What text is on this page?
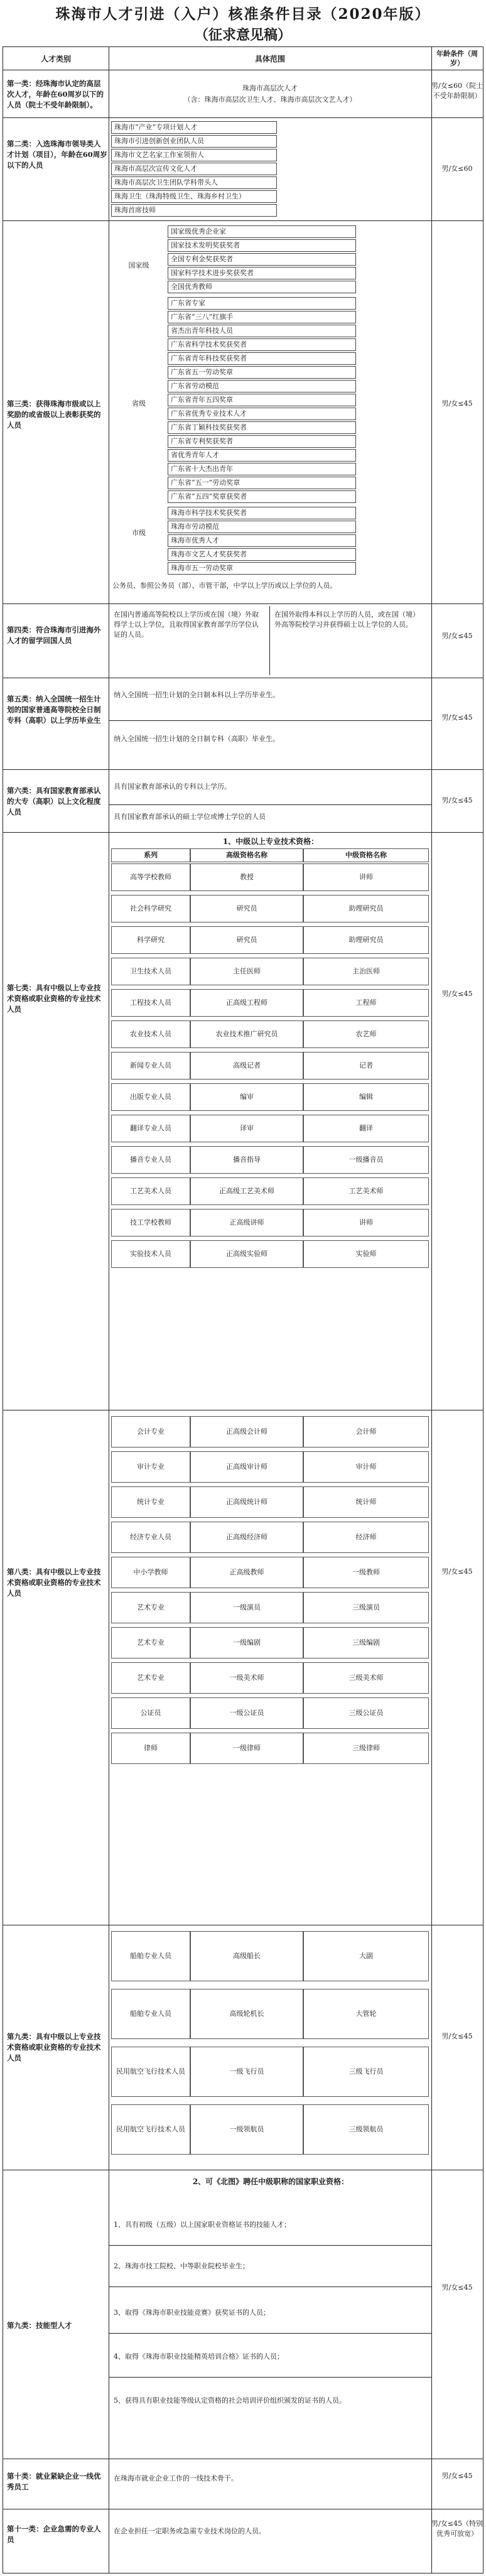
珠海市人才引进（入户）核准条件目录（2020年版）
（征求意见稿）
人才类别	具体范围
年龄条件（周岁）
第一类：经珠海市认定的高层次人才，年龄在60周岁以下的人员（院士不受年龄限制）。
珠海市高层次人才
（含：珠海市高层次卫生人才、珠海市高层次文艺人才）
男/女≤60（院士不受年龄限制）
第二类：入选珠海市领导类人才计划（项目），年龄在60周岁以下的人员
珠海市“产业”专项计划人才
珠海市引进创新创业团队人员
珠海市文艺名家工作室领衔人
珠海市高层次宣传文化人才
珠海市高层次卫生团队学科带头人
珠海卫生（珠海特级卫生、珠海乡村卫生）
珠海首席技师
男/女≤60
第三类：获得珠海市级或以上奖励的或省级以上表彰获奖的人员
国家级
国家级优秀企业家
国家技术发明奖获奖者
全国专利金奖获奖者
国家科学技术进步奖获奖者
全国优秀教师
省级
广东省专家
广东省“三八”红旗手
省杰出青年科技人员
广东省科学技术奖获奖者
广东省青年科技奖获奖者
广东省五一劳动奖章
广东省劳动模范
广东省青年五四奖章
广东省优秀专业技术人才
广东省丁颖科技奖获奖者
广东省专利奖获奖者
省优秀青年人才
广东省十大杰出青年
广东省“五一”劳动奖章
广东省“五四”奖章获奖者
市级
珠海市科学技术奖获奖者
珠海市劳动模范
珠海市优秀人才
珠海市文艺人才奖获奖者
珠海市五一劳动奖章
公务员、参照公务员（部）、市管干部，中学以上学历或以上学位的人员。
男/女≤45
第四类：符合珠海市引进海外人才的留学回国人员
在国内普通高等院校以上学历或在国（境）外取得学士以上学位，且取得国家教育部学历学位认证的人员。
在国外取得本科以上学历的人员，或在国（境）外高等院校学习并获得硕士以上学位的人员。
男/女≤45
第五类：纳入全国统一招生计划的国家普通高等院校全日制专科（高职）以上学历毕业生
纳入全国统一招生计划的全日制本科以上学历毕业生。
纳入全国统一招生计划的全日制专科（高职）毕业生。
男/女≤45
第六类：具有国家教育部承认的大专（高职）以上文化程度人员
具有国家教育部承认的专科以上学历。
具有国家教育部承认的硕士学位或博士学位的人员
男/女≤45
第七类：具有中级以上专业技术资格或职业资格的专业技术人员
1、中级以上专业技术资格：
系列	高级资格名称	中级资格名称
高等学校教师	教授	讲师
社会科学研究	研究员	助理研究员
科学研究	研究员	助理研究员
卫生技术人员	主任医师	主治医师
工程技术人员	正高级工程师	工程师
农业技术人员	农业技术推广研究员	农艺师
新闻专业人员	高级记者	记者
出版专业人员	编审	编辑
翻译专业人员	译审	翻译
播音专业人员	播音指导	一级播音员
工艺美术人员	正高级工艺美术师	工艺美术师
技工学校教师	正高级讲师	讲师
实验技术人员	正高级实验师	实验师
男/女≤45
第八类：具有中级以上专业技术资格或职业资格的专业技术人员
会计专业	正高级会计师	会计师
审计专业	正高级审计师	审计师
统计专业	正高级统计师	统计师
经济专业人员	正高级经济师	经济师
中小学教师	正高级教师	一级教师
艺术专业	一级演员	三级演员
艺术专业	一级编剧	三级编剧
艺术专业	一级美术师	三级美术师
公证员	一级公证员	三级公证员
律师	一级律师	三级律师
男/女≤45
第九类：具有中级以上专业技术资格或职业资格的专业技术人员
船舶专业人员	高级船长	大副
船舶专业人员	高级轮机长	大管轮
民用航空飞行技术人员	一级飞行员	三级飞行员
民用航空飞行技术人员	一级领航员	三级领航员
男/女≤45
第九类：技能型人才
2、可《北图》聘任中级职称的国家职业资格：
1、具有初级（五级）以上国家职业资格证书的技能人才；
2、珠海市技工院校、中等职业院校毕业生；
3、取得《珠海市职业技能竞赛》获奖证书的人员；
4、取得《珠海市职业技能精英培训合格》证书的人员；
5、获得具有职业技能等级认定资格的社会培训评价组织颁发的证书的人员。
男/女≤45
第十类：就业紧缺企业一线优秀员工
在珠海市就业企业工作的一线技术骨干。	男/女≤45
第十一类：企业急需的专业人员
在企业担任一定职务或急需专业技术岗位的人员。
男/女≤45（特别优秀可放宽）
